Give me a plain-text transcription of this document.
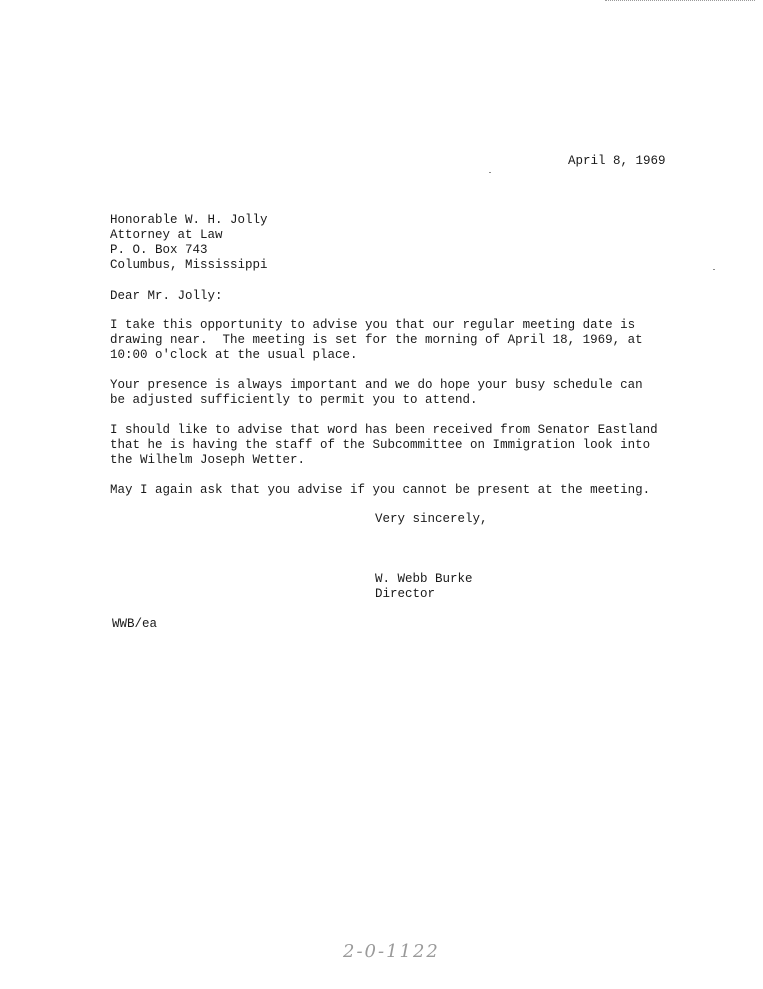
April 8, 1969
Honorable W. H. Jolly
Attorney at Law
P. O. Box 743
Columbus, Mississippi
Dear Mr. Jolly:
I take this opportunity to advise you that our regular meeting date is
drawing near.  The meeting is set for the morning of April 18, 1969, at
10:00 o'clock at the usual place.
Your presence is always important and we do hope your busy schedule can
be adjusted sufficiently to permit you to attend.
I should like to advise that word has been received from Senator Eastland
that he is having the staff of the Subcommittee on Immigration look into
the Wilhelm Joseph Wetter.
May I again ask that you advise if you cannot be present at the meeting.
Very sincerely,
W. Webb Burke
Director
WWB/ea
2-0-1122
